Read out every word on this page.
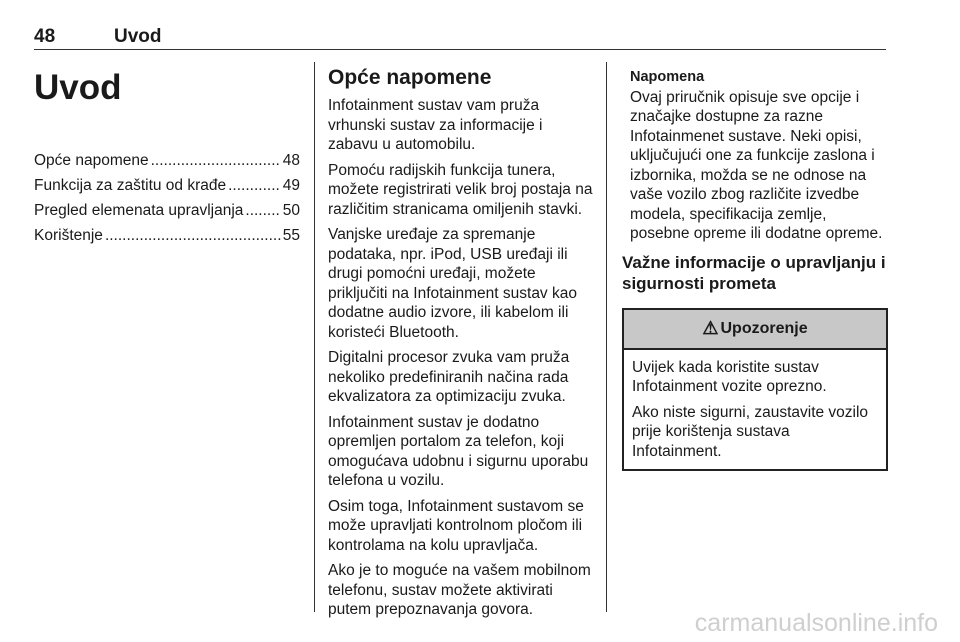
48	Uvod
Uvod
Opće napomene .....	48
Funkcija za zaštitu od krađe .....	49
Pregled elemenata upravljanja .....	50
Korištenje .....	55
Opće napomene
Infotainment sustav vam pruža vrhunski sustav za informacije i zabavu u automobilu.
Pomoću radijskih funkcija tunera, možete registrirati velik broj postaja na različitim stranicama omiljenih stavki.
Vanjske uređaje za spremanje podataka, npr. iPod, USB uređaji ili drugi pomoćni uređaji, možete priključiti na Infotainment sustav kao dodatne audio izvore, ili kabelom ili koristeći Bluetooth.
Digitalni procesor zvuka vam pruža nekoliko predefiniranih načina rada ekvalizatora za optimizaciju zvuka.
Infotainment sustav je dodatno opremljen portalom za telefon, koji omogućava udobnu i sigurnu uporabu telefona u vozilu.
Osim toga, Infotainment sustavom se može upravljati kontrolnom pločom ili kontrolama na kolu upravljača.
Ako je to moguće na vašem mobilnom telefonu, sustav možete aktivirati putem prepoznavanja govora.
Napomena
Ovaj priručnik opisuje sve opcije i značajke dostupne za razne Infotainmenet sustave. Neki opisi, uključujući one za funkcije zaslona i izbornika, možda se ne odnose na vaše vozilo zbog različite izvedbe modela, specifikacija zemlje, posebne opreme ili dodatne opreme.
Važne informacije o upravljanju i sigurnosti prometa
⚠ Upozorenje

Uvijek kada koristite sustav Infotainment vozite oprezno.

Ako niste sigurni, zaustavite vozilo prije korištenja sustava Infotainment.

carmanualsonline.info
